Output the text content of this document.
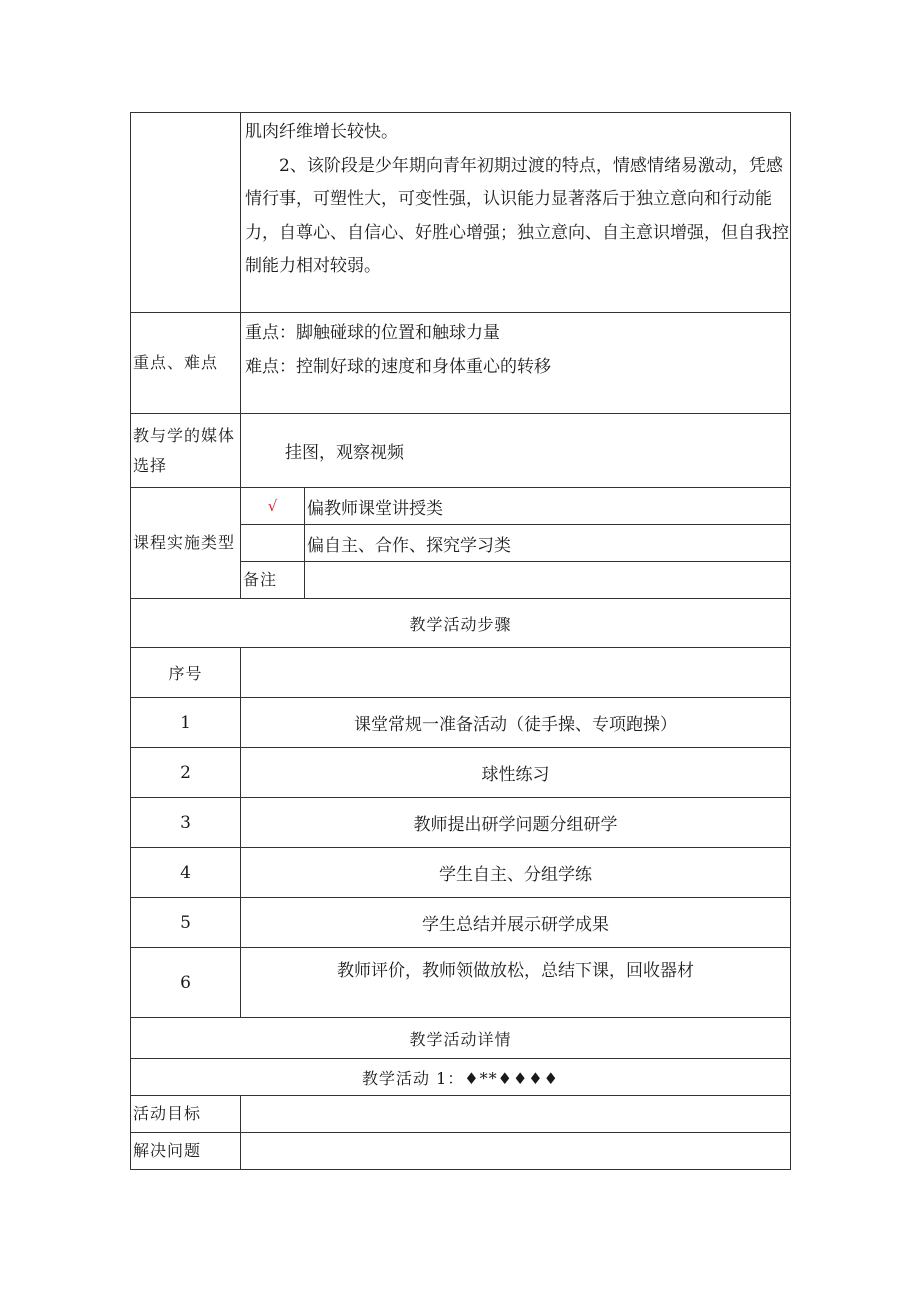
	肌肉纤维增长较快。
2、该阶段是少年期向青年初期过渡的特点，情感情绪易激动，凭感情行事，可塑性大，可变性强，认识能力显著落后于独立意向和行动能力，自尊心、自信心、好胜心增强；独立意向、自主意识增强，但自我控制能力相对较弱。	

重点、难点	重点：脚触碰球的位置和触球力量
难点：控制好球的速度和身体重心的转移	

教与学的媒体选择	挂图，观察视频	
课程实施类型	√	偏教师课堂讲授类
		偏自主、合作、探究学习类
	备注	
教学活动步骤		
序号		
1	课堂常规一准备活动（徒手操、专项跑操）	
2	球性练习	
3	教师提出研学问题分组研学	
4	学生自主、分组学练	
5	学生总结并展示研学成果	
6	教师评价，教师领做放松，总结下课，回收器材	
教学活动详情		
教学活动 1：♦**♦♦♦♦		
活动目标		
解决问题		
